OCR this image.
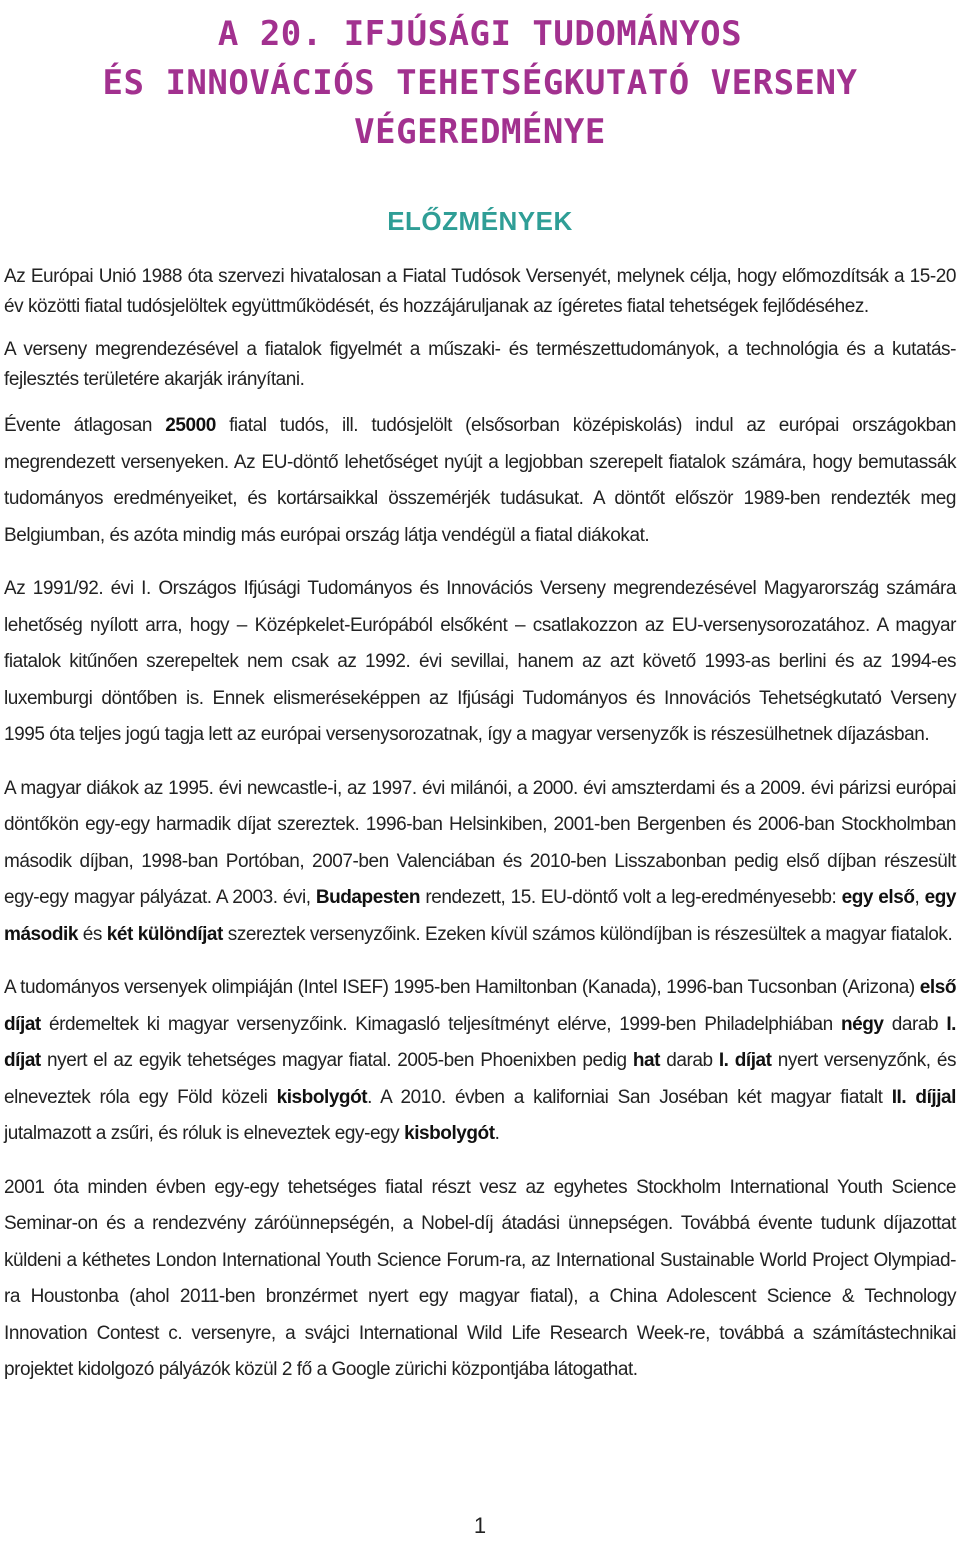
A 20. IFJÚSÁGI TUDOMÁNYOS
ÉS INNOVÁCIÓS TEHETSÉGKUTATÓ VERSENY
VÉGEREDMÉNYE
ELŐZMÉNYEK

Az Európai Unió 1988 óta szervezi hivatalosan a Fiatal Tudósok Versenyét, melynek célja, hogy előmozdítsák a 15-20 év közötti fiatal tudósjelöltek együttműködését, és hozzájáruljanak az ígéretes fiatal tehetségek fejlődéséhez.

A verseny megrendezésével a fiatalok figyelmét a műszaki- és természettudományok, a technológia és a kutatás-fejlesztés területére akarják irányítani.

Évente átlagosan 25000 fiatal tudós, ill. tudósjelölt (elsősorban középiskolás) indul az európai országokban megrendezett versenyeken. Az EU-döntő lehetőséget nyújt a legjobban szerepelt fiatalok számára, hogy bemutassák tudományos eredményeiket, és kortársaikkal összemérjék tudásukat. A döntőt először 1989-ben rendezték meg Belgiumban, és azóta mindig más európai ország látja vendégül a fiatal diákokat.

Az 1991/92. évi I. Országos Ifjúsági Tudományos és Innovációs Verseny megrendezésével Magyarország számára lehetőség nyílott arra, hogy – Középkelet-Európából elsőként – csatlakozzon az EU-versenysorozatához. A magyar fiatalok kitűnően szerepeltek nem csak az 1992. évi sevillai, hanem az azt követő 1993-as berlini és az 1994-es luxemburgi döntőben is. Ennek elismeréseképpen az Ifjúsági Tudományos és Innovációs Tehetségkutató Verseny 1995 óta teljes jogú tagja lett az európai versenysorozatnak, így a magyar versenyzők is részesülhetnek díjazásban.

A magyar diákok az 1995. évi newcastle-i, az 1997. évi milánói, a 2000. évi amszterdami és a 2009. évi párizsi európai döntőkön egy-egy harmadik díjat szereztek. 1996-ban Helsinkiben, 2001-ben Bergenben és 2006-ban Stockholmban második díjban, 1998-ban Portóban, 2007-ben Valenciában és 2010-ben Lisszabonban pedig első díjban részesült egy-egy magyar pályázat. A 2003. évi, Budapesten rendezett, 15. EU-döntő volt a leg-eredményesebb: egy első, egy második és két különdíjat szereztek versenyzőink. Ezeken kívül számos különdíjban is részesültek a magyar fiatalok.

A tudományos versenyek olimpiáján (Intel ISEF) 1995-ben Hamiltonban (Kanada), 1996-ban Tucsonban (Arizona) első díjat érdemeltek ki magyar versenyzőink. Kimagasló teljesítményt elérve, 1999-ben Philadelphiában négy darab I. díjat nyert el az egyik tehetséges magyar fiatal. 2005-ben Phoenixben pedig hat darab I. díjat nyert versenyzőnk, és elneveztek róla egy Föld közeli kisbolygót. A 2010. évben a kaliforniai San Joséban két magyar fiatalt II. díjjal jutalmazott a zsűri, és róluk is elneveztek egy-egy kisbolygót.

2001 óta minden évben egy-egy tehetséges fiatal részt vesz az egyhetes Stockholm International Youth Science Seminar-on és a rendezvény záróünnepségén, a Nobel-díj átadási ünnepségen. Továbbá évente tudunk díjazottat küldeni a kéthetes London International Youth Science Forum-ra, az International Sustainable World Project Olympiad-ra Houstonba (ahol 2011-ben bronzérmet nyert egy magyar fiatal), a China Adolescent Science & Technology Innovation Contest c. versenyre, a svájci International Wild Life Research Week-re, továbbá a számítástechnikai projektet kidolgozó pályázók közül 2 fő a Google zürichi központjába látogathat.

1
